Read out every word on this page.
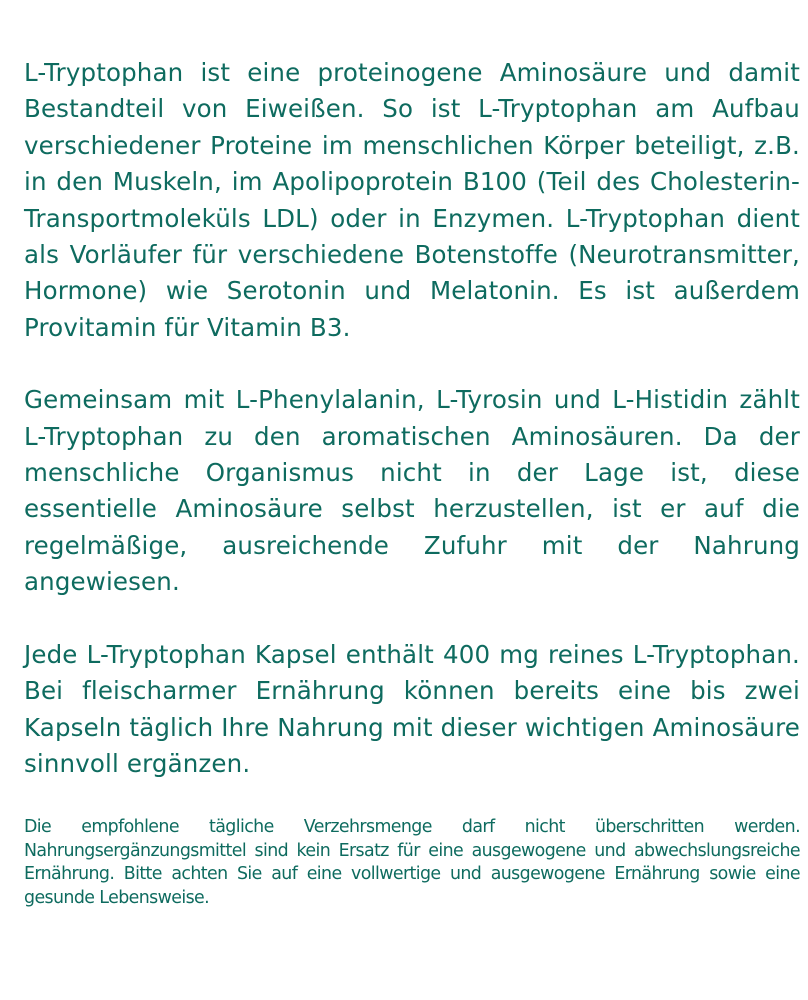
L-Tryptophan ist eine proteinogene Aminosäure und damit Bestandteil von Eiweißen. So ist L-Tryptophan am Aufbau verschiedener Proteine im menschlichen Körper beteiligt, z.B. in den Muskeln, im Apolipoprotein B100 (Teil des Cholesterin-Transportmoleküls LDL) oder in Enzymen. L-Tryptophan dient als Vorläufer für verschiedene Botenstoffe (Neurotransmitter, Hormone) wie Serotonin und Melatonin. Es ist außerdem Provitamin für Vitamin B3.

Gemeinsam mit L-Phenylalanin, L-Tyrosin und L-Histidin zählt L-Tryptophan zu den aromatischen Aminosäuren. Da der menschliche Organismus nicht in der Lage ist, diese essentielle Aminosäure selbst herzustellen, ist er auf die regelmäßige, ausreichende Zufuhr mit der Nahrung angewiesen.

Jede L-Tryptophan Kapsel enthält 400 mg reines L-Tryptophan. Bei fleischarmer Ernährung können bereits eine bis zwei Kapseln täglich Ihre Nahrung mit dieser wichtigen Aminosäure sinnvoll ergänzen.

Die empfohlene tägliche Verzehrsmenge darf nicht überschritten werden. Nahrungsergänzungsmittel sind kein Ersatz für eine ausgewogene und abwechslungsreiche Ernährung. Bitte achten Sie auf eine vollwertige und ausgewogene Ernährung sowie eine gesunde Lebensweise.
